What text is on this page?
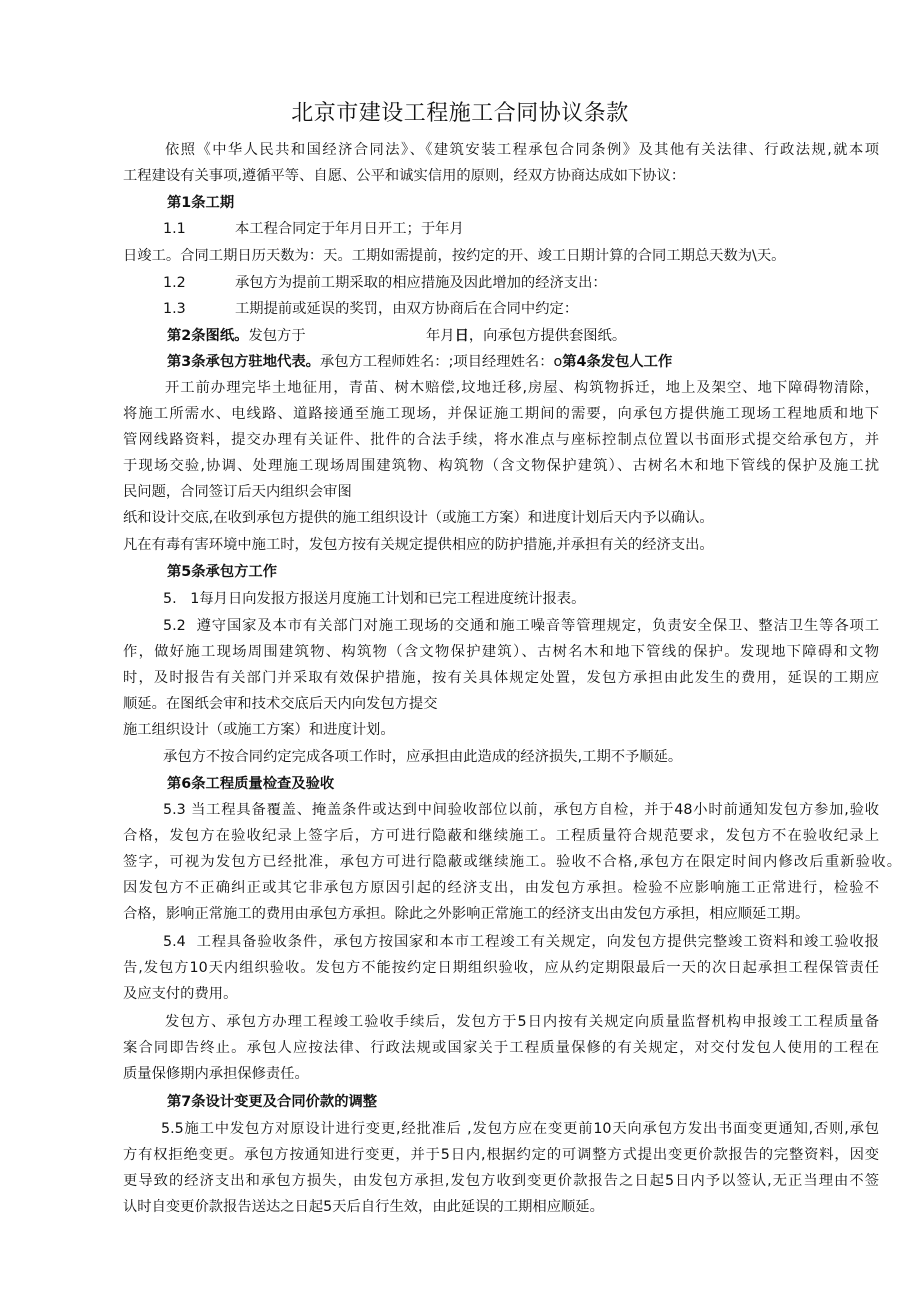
北京市建设工程施工合同协议条款
依照《中华人民共和国经济合同法》、《建筑安装工程承包合同条例》及其他有关法律、行政法规,就本项
工程建设有关事项,遵循平等、自愿、公平和诚实信用的原则，经双方协商达成如下协议：
第1条工期
1.1	本工程合同定于年月日开工；于年月
日竣工。合同工期日历天数为：天。工期如需提前，按约定的开、竣工日期计算的合同工期总天数为\天。
1.2	承包方为提前工期采取的相应措施及因此增加的经济支出：
1.3	工期提前或延误的奖罚，由双方协商后在合同中约定：
第2条图纸。发包方于	年月日，向承包方提供套图纸。
第3条承包方驻地代表。承包方工程师姓名：;项目经理姓名：o第4条发包人工作
开工前办理完毕土地征用，青苗、树木赔偿,坟地迁移,房屋、构筑物拆迁，地上及架空、地下障碍物清除，
将施工所需水、电线路、道路接通至施工现场，并保证施工期间的需要，向承包方提供施工现场工程地质和地下
管网线路资料，提交办理有关证件、批件的合法手续，将水准点与座标控制点位置以书面形式提交给承包方，并
于现场交验,协调、处理施工现场周围建筑物、构筑物（含文物保护建筑）、古树名木和地下管线的保护及施工扰
民问题，合同签订后天内组织会审图
纸和设计交底,在收到承包方提供的施工组织设计（或施工方案）和进度计划后天内予以确认。
凡在有毒有害环境中施工时，发包方按有关规定提供相应的防护措施,并承担有关的经济支出。
第5条承包方工作
5.   1每月日向发报方报送月度施工计划和已完工程进度统计报表。
5.2  遵守国家及本市有关部门对施工现场的交通和施工噪音等管理规定，负责安全保卫、整洁卫生等各项工
作，做好施工现场周围建筑物、构筑物（含文物保护建筑）、古树名木和地下管线的保护。发现地下障碍和文物
时，及时报告有关部门并采取有效保护措施，按有关具体规定处置，发包方承担由此发生的费用，延误的工期应
顺延。在图纸会审和技术交底后天内向发包方提交
施工组织设计（或施工方案）和进度计划。
承包方不按合同约定完成各项工作时，应承担由此造成的经济损失,工期不予顺延。
第6条工程质量检查及验收
5.3 当工程具备覆盖、掩盖条件或达到中间验收部位以前，承包方自检，并于48小时前通知发包方参加,验收
合格，发包方在验收纪录上签字后，方可进行隐蔽和继续施工。工程质量符合规范要求，发包方不在验收纪录上
签字，可视为发包方已经批准，承包方可进行隐蔽或继续施工。验收不合格,承包方在限定时间内修改后重新验收。
因发包方不正确纠正或其它非承包方原因引起的经济支出，由发包方承担。检验不应影响施工正常进行，检验不
合格，影响正常施工的费用由承包方承担。除此之外影响正常施工的经济支出由发包方承担，相应顺延工期。
5.4  工程具备验收条件，承包方按国家和本市工程竣工有关规定，向发包方提供完整竣工资料和竣工验收报
告,发包方10天内组织验收。发包方不能按约定日期组织验收，应从约定期限最后一天的次日起承担工程保管责任
及应支付的费用。
发包方、承包方办理工程竣工验收手续后，发包方于5日内按有关规定向质量监督机构申报竣工工程质量备
案合同即告终止。承包人应按法律、行政法规或国家关于工程质量保修的有关规定，对交付发包人使用的工程在
质量保修期内承担保修责任。
第7条设计变更及合同价款的调整
5.5施工中发包方对原设计进行变更,经批准后 ,发包方应在变更前10天向承包方发出书面变更通知,否则,承包
方有权拒绝变更。承包方按通知进行变更，并于5日内,根据约定的可调整方式提出变更价款报告的完整资料，因变
更导致的经济支出和承包方损失，由发包方承担,发包方收到变更价款报告之日起5日内予以签认,无正当理由不签
认时自变更价款报告送达之日起5天后自行生效，由此延误的工期相应顺延。
